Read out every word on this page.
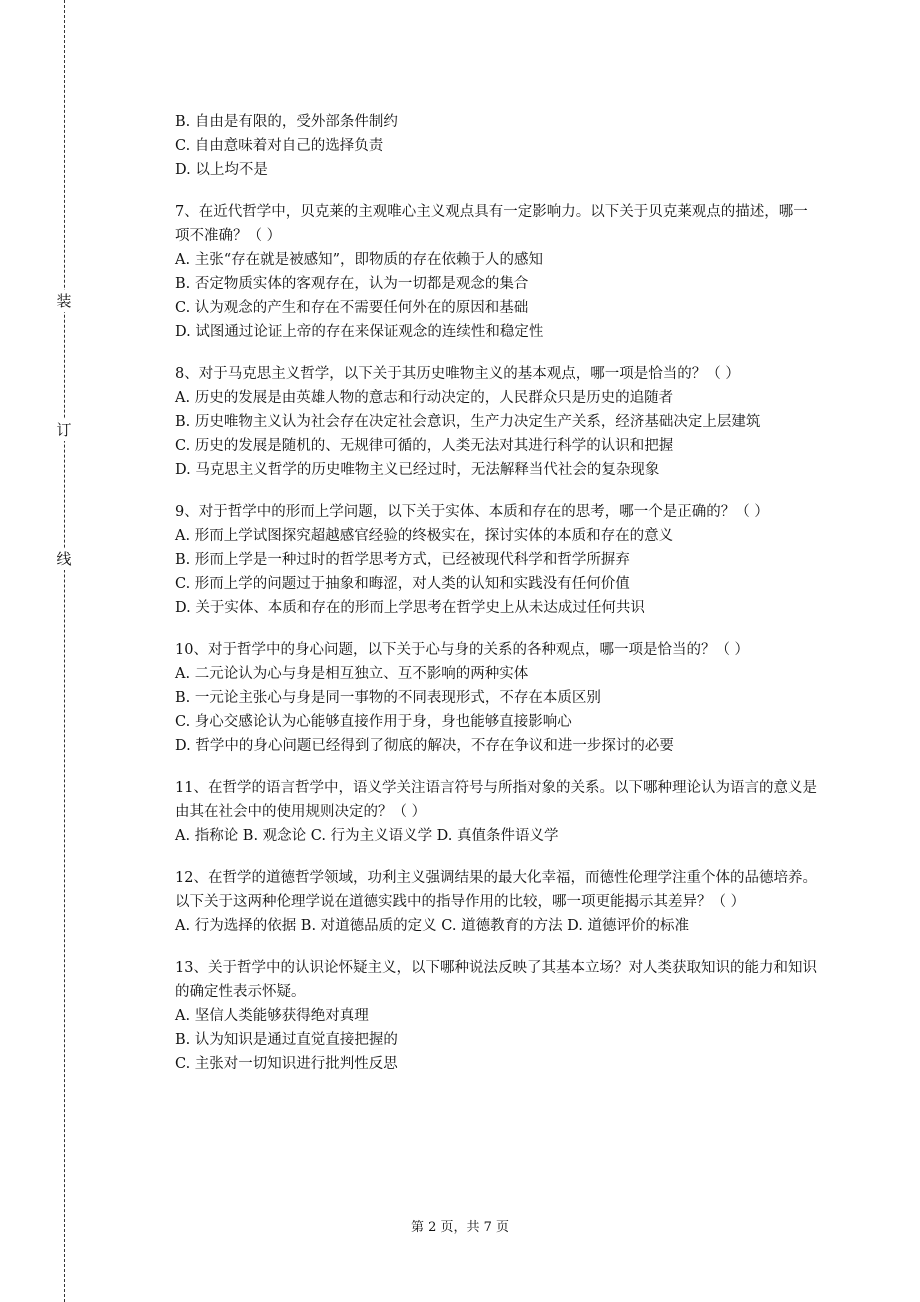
装
订
线

B. 自由是有限的，受外部条件制约

C. 自由意味着对自己的选择负责

D. 以上均不是

7、在近代哲学中，贝克莱的主观唯心主义观点具有一定影响力。以下关于贝克莱观点的描述，哪一项不准确？（ ）

A. 主张“存在就是被感知”，即物质的存在依赖于人的感知

B. 否定物质实体的客观存在，认为一切都是观念的集合

C. 认为观念的产生和存在不需要任何外在的原因和基础

D. 试图通过论证上帝的存在来保证观念的连续性和稳定性

8、对于马克思主义哲学，以下关于其历史唯物主义的基本观点，哪一项是恰当的？（ ）

A. 历史的发展是由英雄人物的意志和行动决定的，人民群众只是历史的追随者

B. 历史唯物主义认为社会存在决定社会意识，生产力决定生产关系，经济基础决定上层建筑

C. 历史的发展是随机的、无规律可循的，人类无法对其进行科学的认识和把握

D. 马克思主义哲学的历史唯物主义已经过时，无法解释当代社会的复杂现象

9、对于哲学中的形而上学问题，以下关于实体、本质和存在的思考，哪一个是正确的？（ ）

A. 形而上学试图探究超越感官经验的终极实在，探讨实体的本质和存在的意义

B. 形而上学是一种过时的哲学思考方式，已经被现代科学和哲学所摒弃

C. 形而上学的问题过于抽象和晦涩，对人类的认知和实践没有任何价值

D. 关于实体、本质和存在的形而上学思考在哲学史上从未达成过任何共识

10、对于哲学中的身心问题，以下关于心与身的关系的各种观点，哪一项是恰当的？（ ）

A. 二元论认为心与身是相互独立、互不影响的两种实体

B. 一元论主张心与身是同一事物的不同表现形式，不存在本质区别

C. 身心交感论认为心能够直接作用于身，身也能够直接影响心

D. 哲学中的身心问题已经得到了彻底的解决，不存在争议和进一步探讨的必要

11、在哲学的语言哲学中，语义学关注语言符号与所指对象的关系。以下哪种理论认为语言的意义是由其在社会中的使用规则决定的？（ ）

A. 指称论 B. 观念论 C. 行为主义语义学 D. 真值条件语义学

12、在哲学的道德哲学领域，功利主义强调结果的最大化幸福，而德性伦理学注重个体的品德培养。以下关于这两种伦理学说在道德实践中的指导作用的比较，哪一项更能揭示其差异？（ ）

A. 行为选择的依据 B. 对道德品质的定义 C. 道德教育的方法 D. 道德评价的标准

13、关于哲学中的认识论怀疑主义，以下哪种说法反映了其基本立场？对人类获取知识的能力和知识的确定性表示怀疑。

A. 坚信人类能够获得绝对真理

B. 认为知识是通过直觉直接把握的

C. 主张对一切知识进行批判性反思

第 2 页，共 7 页
